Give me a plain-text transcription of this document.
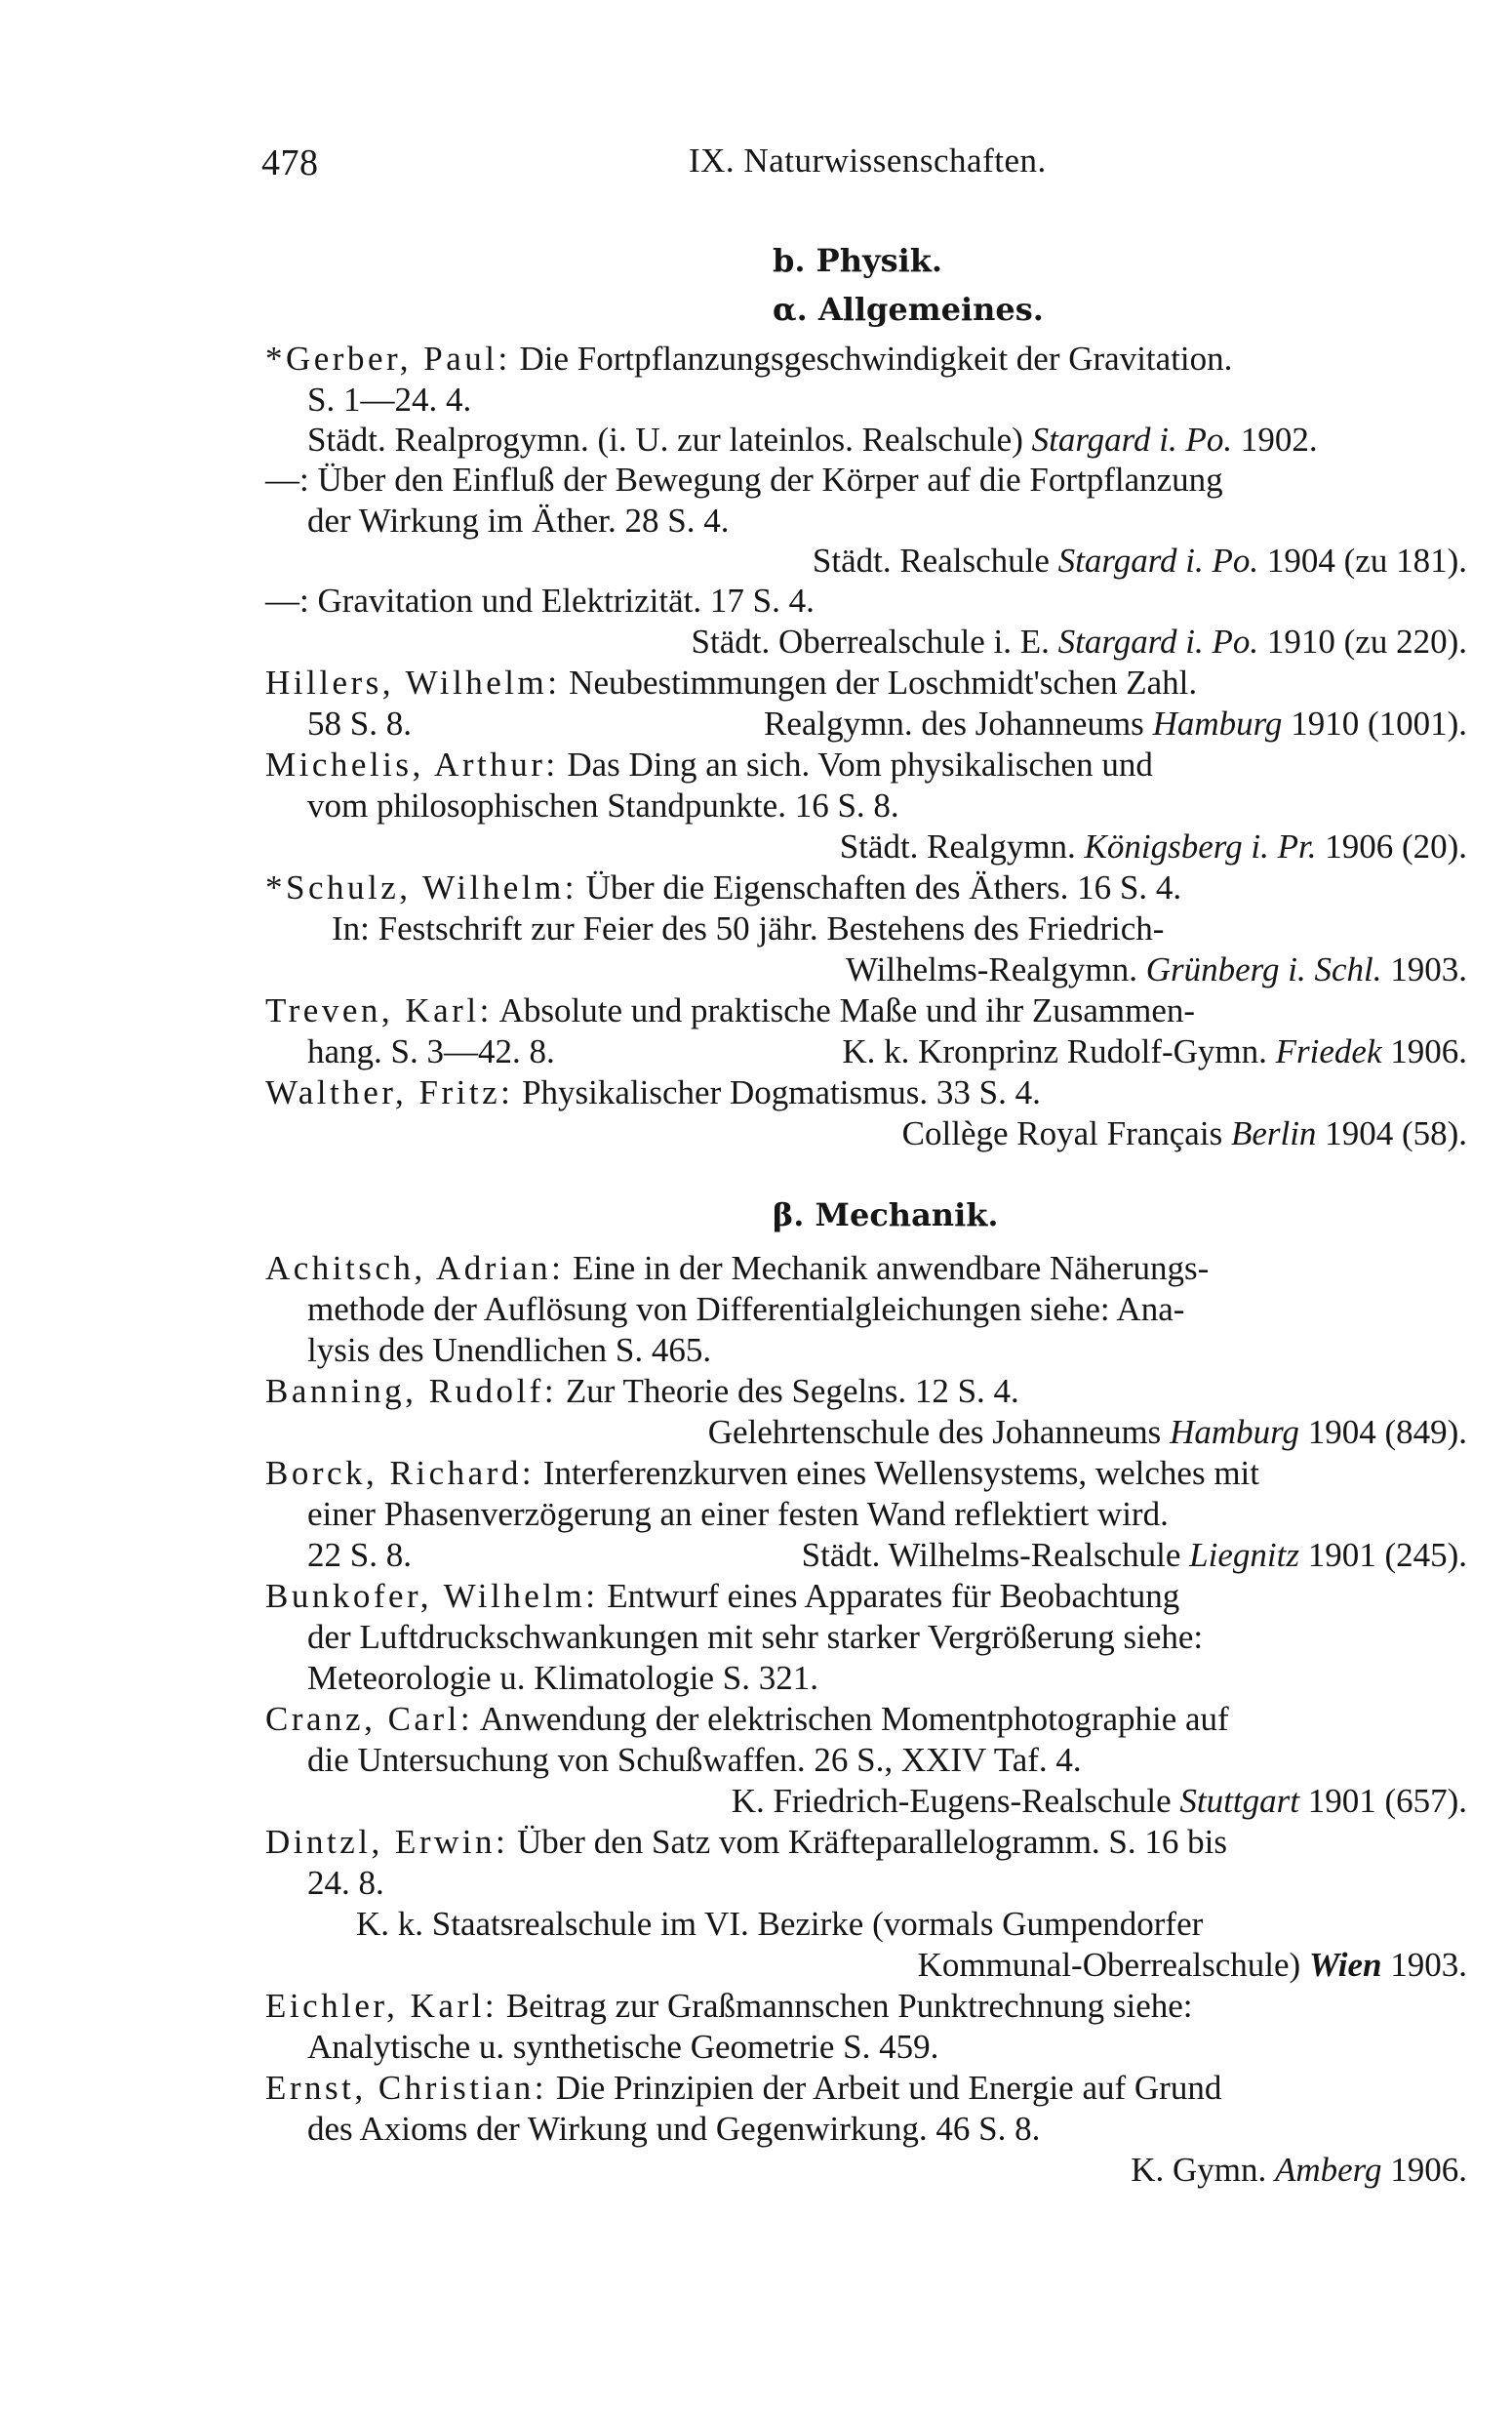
478	IX. Naturwissenschaften.
b. Physik.
α. Allgemeines.
*Gerber, Paul: Die Fortpflanzungsgeschwindigkeit der Gravitation.
S. 1—24. 4.
Städt. Realprogymn. (i. U. zur lateinlos. Realschule) Stargard i. Po. 1902.
—: Über den Einfluß der Bewegung der Körper auf die Fortpflanzung
der Wirkung im Äther. 28 S. 4.
Städt. Realschule Stargard i. Po. 1904 (zu 181).
—: Gravitation und Elektrizität. 17 S. 4.
Städt. Oberrealschule i. E. Stargard i. Po. 1910 (zu 220).
Hillers, Wilhelm: Neubestimmungen der Loschmidt'schen Zahl.
58 S. 8.	Realgymn. des Johanneums Hamburg 1910 (1001).
Michelis, Arthur: Das Ding an sich. Vom physikalischen und
vom philosophischen Standpunkte. 16 S. 8.
Städt. Realgymn. Königsberg i. Pr. 1906 (20).
*Schulz, Wilhelm: Über die Eigenschaften des Äthers. 16 S. 4.
In: Festschrift zur Feier des 50 jähr. Bestehens des Friedrich-
Wilhelms-Realgymn. Grünberg i. Schl. 1903.
Treven, Karl: Absolute und praktische Maße und ihr Zusammen-
hang. S. 3—42. 8.	K. k. Kronprinz Rudolf-Gymn. Friedek 1906.
Walther, Fritz: Physikalischer Dogmatismus. 33 S. 4.
Collège Royal Français Berlin 1904 (58).
β. Mechanik.
Achitsch, Adrian: Eine in der Mechanik anwendbare Näherungs-
methode der Auflösung von Differentialgleichungen siehe: Ana-
lysis des Unendlichen S. 465.
Banning, Rudolf: Zur Theorie des Segelns. 12 S. 4.
Gelehrtenschule des Johanneums Hamburg 1904 (849).
Borck, Richard: Interferenzkurven eines Wellensystems, welches mit
einer Phasenverzögerung an einer festen Wand reflektiert wird.
22 S. 8.	Städt. Wilhelms-Realschule Liegnitz 1901 (245).
Bunkofer, Wilhelm: Entwurf eines Apparates für Beobachtung
der Luftdruckschwankungen mit sehr starker Vergrößerung siehe:
Meteorologie u. Klimatologie S. 321.
Cranz, Carl: Anwendung der elektrischen Momentphotographie auf
die Untersuchung von Schußwaffen. 26 S., XXIV Taf. 4.
K. Friedrich-Eugens-Realschule Stuttgart 1901 (657).
Dintzl, Erwin: Über den Satz vom Kräfteparallelogramm. S. 16 bis
24. 8.
K. k. Staatsrealschule im VI. Bezirke (vormals Gumpendorfer
Kommunal-Oberrealschule) Wien 1903.
Eichler, Karl: Beitrag zur Graßmannschen Punktrechnung siehe:
Analytische u. synthetische Geometrie S. 459.
Ernst, Christian: Die Prinzipien der Arbeit und Energie auf Grund
des Axioms der Wirkung und Gegenwirkung. 46 S. 8.
K. Gymn. Amberg 1906.
